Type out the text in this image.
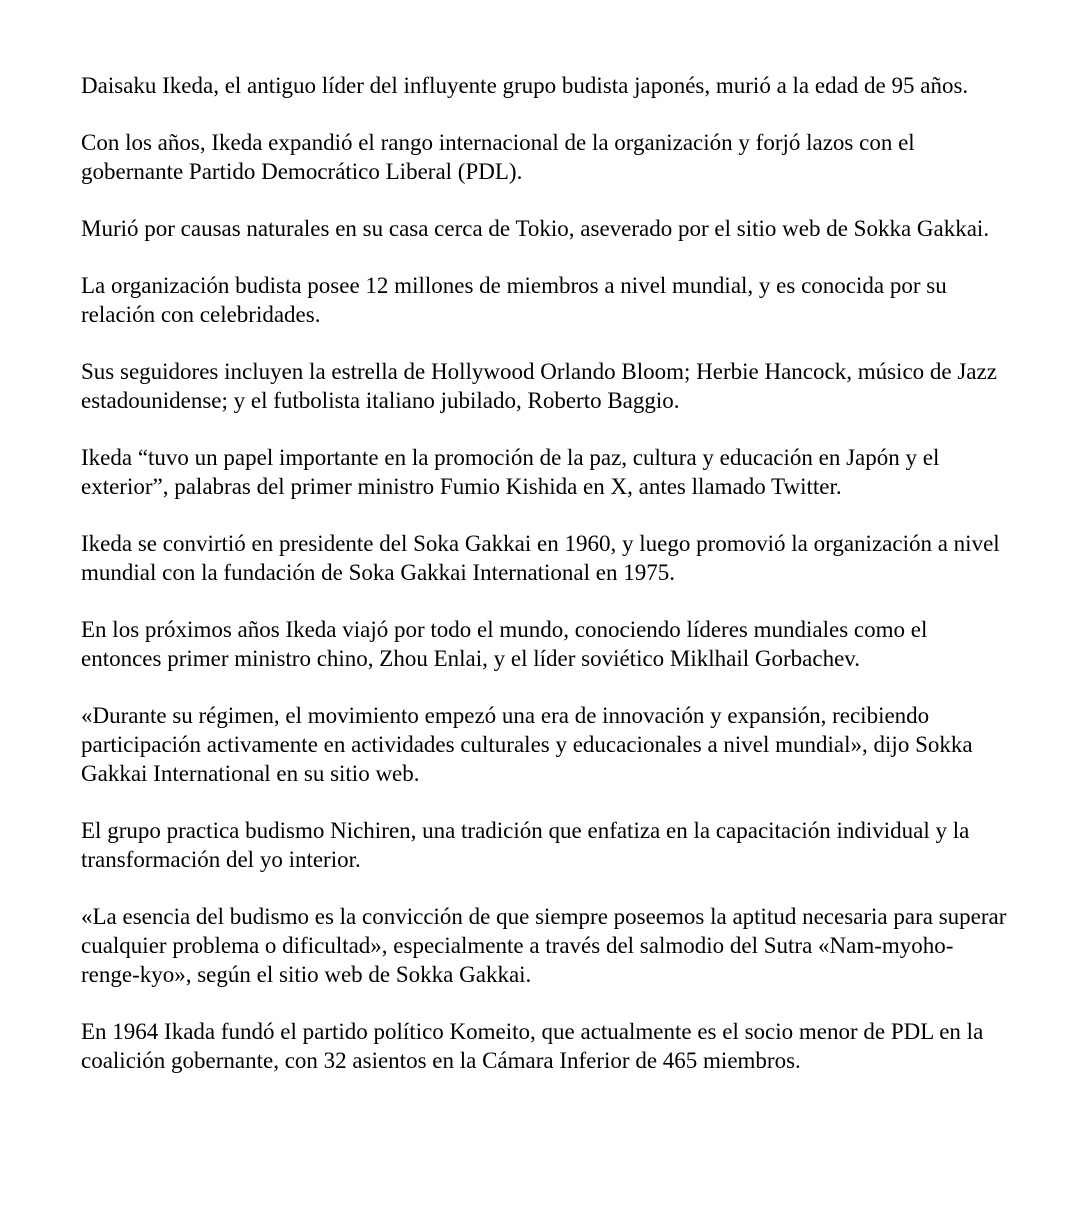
Daisaku Ikeda, el antiguo líder del influyente grupo budista japonés, murió a la edad de 95 años.

Con los años, Ikeda expandió el rango internacional de la organización y forjó lazos con el gobernante Partido Democrático Liberal (PDL).

Murió por causas naturales en su casa cerca de Tokio, aseverado por el sitio web de Sokka Gakkai.

La organización budista posee 12 millones de miembros a nivel mundial, y es conocida por su relación con celebridades.

Sus seguidores incluyen la estrella de Hollywood Orlando Bloom; Herbie Hancock, músico de Jazz estadounidense; y el futbolista italiano jubilado, Roberto Baggio.

Ikeda “tuvo un papel importante en la promoción de la paz, cultura y educación en Japón y el exterior”, palabras del primer ministro Fumio Kishida en X, antes llamado Twitter.

Ikeda se convirtió en presidente del Soka Gakkai en 1960, y luego promovió la organización a nivel mundial con la fundación de Soka Gakkai International en 1975.

En los próximos años Ikeda viajó por todo el mundo, conociendo líderes mundiales como el entonces primer ministro chino, Zhou Enlai, y el líder soviético Miklhail Gorbachev.

«Durante su régimen, el movimiento empezó una era de innovación y expansión, recibiendo participación activamente en actividades culturales y educacionales a nivel mundial», dijo Sokka Gakkai International en su sitio web.

El grupo practica budismo Nichiren, una tradición que enfatiza en la capacitación individual y la transformación del yo interior.

«La esencia del budismo es la convicción de que siempre poseemos la aptitud necesaria para superar cualquier problema o dificultad», especialmente a través del salmodio del Sutra «Nam-myoho-renge-kyo», según el sitio web de Sokka Gakkai.

En 1964 Ikada fundó el partido político Komeito, que actualmente es el socio menor de PDL en la coalición gobernante, con 32 asientos en la Cámara Inferior de 465 miembros.
